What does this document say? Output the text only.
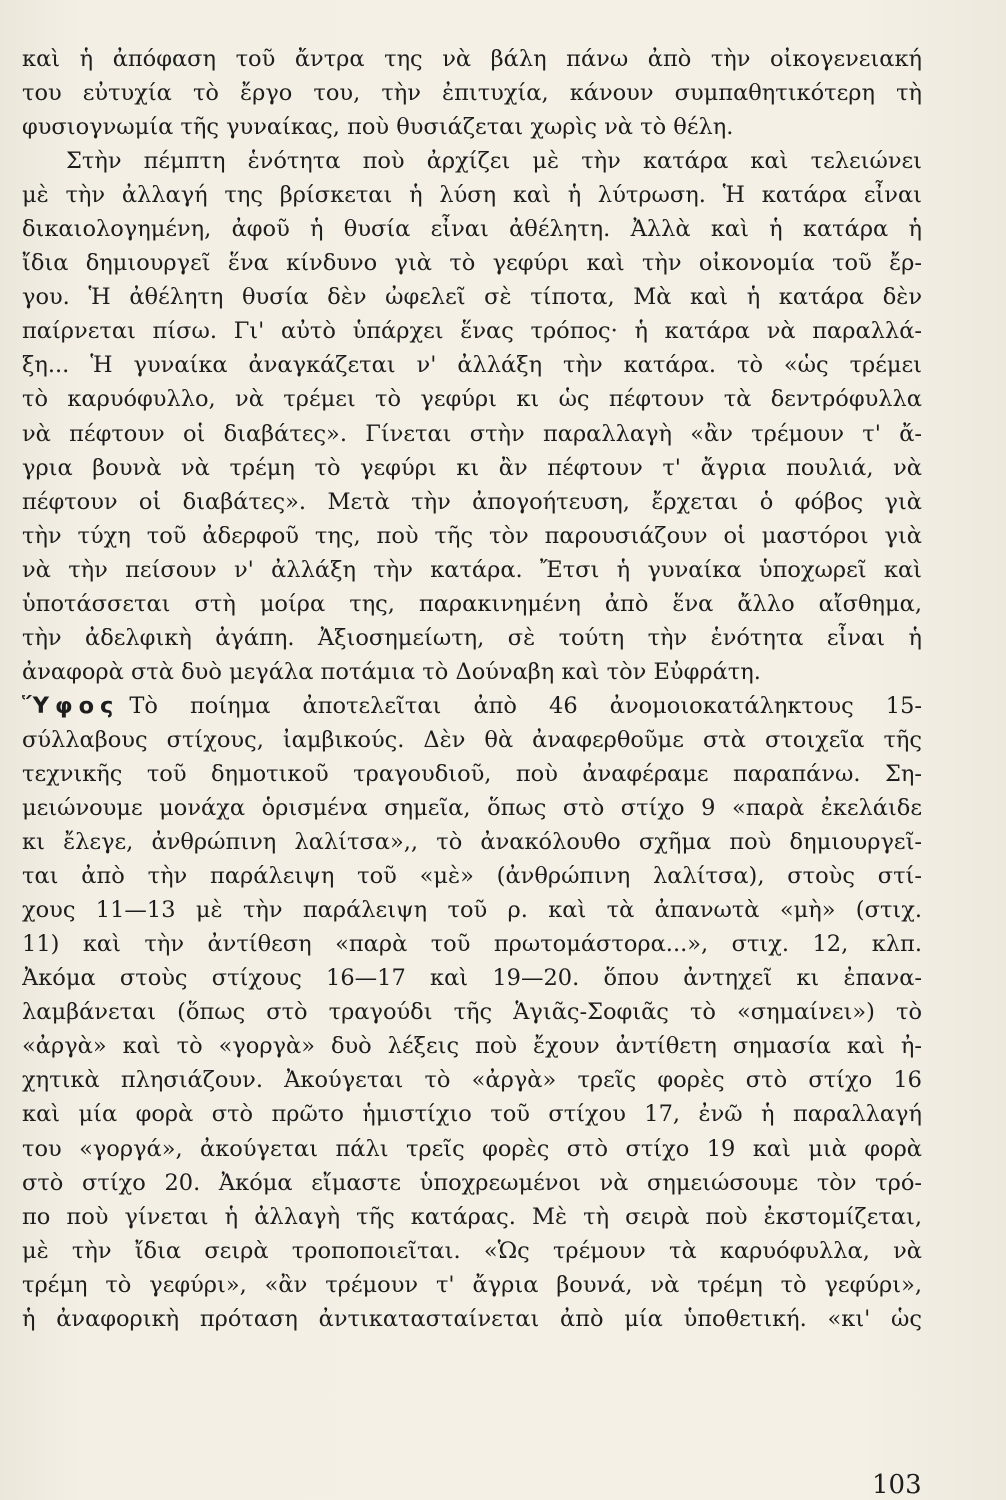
καὶ ἡ ἀπόφαση τοῦ ἄντρα της νὰ βάλη πάνω ἀπὸ τὴν οἰκογενειακή
του εὐτυχία τὸ ἔργο του, τὴν ἐπιτυχία, κάνουν συμπαθητικότερη τὴ
φυσιογνωμία τῆς γυναίκας, ποὺ θυσιάζεται χωρὶς νὰ τὸ θέλη.
Στὴν πέμπτη ἑνότητα ποὺ ἀρχίζει μὲ τὴν κατάρα καὶ τελειώνει
μὲ τὴν ἀλλαγή της βρίσκεται ἡ λύση καὶ ἡ λύτρωση. Ἡ κατάρα εἶναι
δικαιολογημένη, ἀφοῦ ἡ θυσία εἶναι ἀθέλητη. Ἀλλὰ καὶ ἡ κατάρα ἡ
ἴδια δημιουργεῖ ἕνα κίνδυνο γιὰ τὸ γεφύρι καὶ τὴν οἰκονομία τοῦ ἔρ-
γου. Ἡ ἀθέλητη θυσία δὲν ὠφελεῖ σὲ τίποτα, Μὰ καὶ ἡ κατάρα δὲν
παίρνεται πίσω. Γι' αὐτὸ ὑπάρχει ἕνας τρόπος· ἡ κατάρα νὰ παραλλά-
ξη... Ἡ γυναίκα ἀναγκάζεται ν' ἀλλάξη τὴν κατάρα. τὸ «ὡς τρέμει
τὸ καρυόφυλλο, νὰ τρέμει τὸ γεφύρι κι ὡς πέφτουν τὰ δεντρόφυλλα
νὰ πέφτουν οἱ διαβάτες». Γίνεται στὴν παραλλαγὴ «ἂν τρέμουν τ' ἄ-
γρια βουνὰ νὰ τρέμη τὸ γεφύρι κι ἂν πέφτουν τ' ἄγρια πουλιά, νὰ
πέφτουν οἱ διαβάτες». Μετὰ τὴν ἀπογοήτευση, ἔρχεται ὁ φόβος γιὰ
τὴν τύχη τοῦ ἀδερφοῦ της, ποὺ τῆς τὸν παρουσιάζουν οἱ μαστόροι γιὰ
νὰ τὴν πείσουν ν' ἀλλάξη τὴν κατάρα. Ἔτσι ἡ γυναίκα ὑποχωρεῖ καὶ
ὑποτάσσεται στὴ μοίρα της, παρακινημένη ἀπὸ ἕνα ἄλλο αἴσθημα,
τὴν ἀδελφικὴ ἀγάπη. Ἀξιοσημείωτη, σὲ τούτη τὴν ἑνότητα εἶναι ἡ
ἀναφορὰ στὰ δυὸ μεγάλα ποτάμια τὸ Δούναβη καὶ τὸν Εὐφράτη.
Ὕφος Τὸ ποίημα ἀποτελεῖται ἀπὸ 46 ἀνομοιοκατάληκτους 15-
σύλλαβους στίχους, ἰαμβικούς. Δὲν θὰ ἀναφερθοῦμε στὰ στοιχεῖα τῆς
τεχνικῆς τοῦ δημοτικοῦ τραγουδιοῦ, ποὺ ἀναφέραμε παραπάνω. Ση-
μειώνουμε μονάχα ὁρισμένα σημεῖα, ὅπως στὸ στίχο 9 «παρὰ ἐκελάιδε
κι ἔλεγε, ἀνθρώπινη λαλίτσα»,, τὸ ἀνακόλουθο σχῆμα ποὺ δημιουργεῖ-
ται ἀπὸ τὴν παράλειψη τοῦ «μὲ» (ἀνθρώπινη λαλίτσα), στοὺς στί-
χους 11—13 μὲ τὴν παράλειψη τοῦ ρ. καὶ τὰ ἀπανωτὰ «μὴ» (στιχ.
11) καὶ τὴν ἀντίθεση «παρὰ τοῦ πρωτομάστορα...», στιχ. 12, κλπ.
Ἀκόμα στοὺς στίχους 16—17 καὶ 19—20. ὅπου ἀντηχεῖ κι ἐπανα-
λαμβάνεται (ὅπως στὸ τραγούδι τῆς Ἁγιᾶς-Σοφιᾶς τὸ «σημαίνει») τὸ
«ἀργὰ» καὶ τὸ «γοργὰ» δυὸ λέξεις ποὺ ἔχουν ἀντίθετη σημασία καὶ ἠ-
χητικὰ πλησιάζουν. Ἀκούγεται τὸ «ἀργὰ» τρεῖς φορὲς στὸ στίχο 16
καὶ μία φορὰ στὸ πρῶτο ἡμιστίχιο τοῦ στίχου 17, ἐνῶ ἡ παραλλαγή
του «γοργά», ἀκούγεται πάλι τρεῖς φορὲς στὸ στίχο 19 καὶ μιὰ φορὰ
στὸ στίχο 20. Ἀκόμα εἴμαστε ὑποχρεωμένοι νὰ σημειώσουμε τὸν τρό-
πο ποὺ γίνεται ἡ ἀλλαγὴ τῆς κατάρας. Μὲ τὴ σειρὰ ποὺ ἐκστομίζεται,
μὲ τὴν ἴδια σειρὰ τροποποιεῖται. «Ὡς τρέμουν τὰ καρυόφυλλα, νὰ
τρέμη τὸ γεφύρι», «ἂν τρέμουν τ' ἄγρια βουνά, νὰ τρέμη τὸ γεφύρι»,
ἡ ἀναφορικὴ πρόταση ἀντικατασταίνεται ἀπὸ μία ὑποθετική. «κι' ὡς
103
